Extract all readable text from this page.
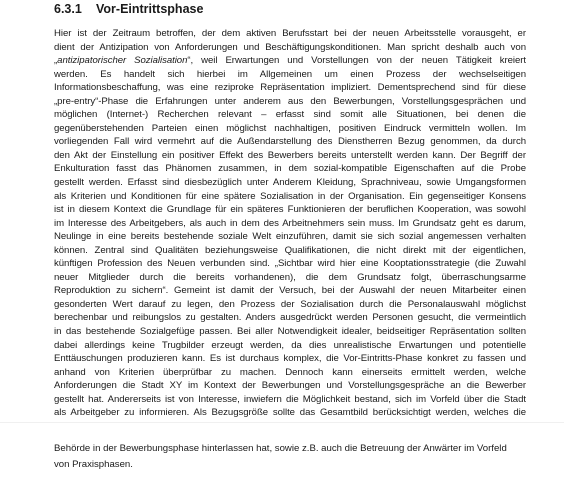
6.3.1 Vor-Eintrittsphase
Hier ist der Zeitraum betroffen, der dem aktiven Berufsstart bei der neuen Arbeitsstelle vorausgeht, er
dient der Antizipation von Anforderungen und Beschäftigungskonditionen. Man spricht deshalb auch von
„antizipatorischer Sozialisation“, weil Erwartungen und Vorstellungen von der neuen Tätigkeit kreiert
werden. Es handelt sich hierbei im Allgemeinen um einen Prozess der wechselseitigen
Informationsbeschaffung, was eine reziproke Repräsentation impliziert. Dementsprechend sind für diese
„pre-entry“-Phase die Erfahrungen unter anderem aus den Bewerbungen, Vorstellungsgesprächen und
möglichen (Internet-) Recherchen relevant – erfasst sind somit alle Situationen, bei denen die
gegenüberstehenden Parteien einen möglichst nachhaltigen, positiven Eindruck vermitteln wollen. Im
vorliegenden Fall wird vermehrt auf die Außendarstellung des Dienstherren Bezug genommen, da durch
den Akt der Einstellung ein positiver Effekt des Bewerbers bereits unterstellt werden kann. Der Begriff der
Enkulturation fasst das Phänomen zusammen, in dem sozial-kompatible Eigenschaften auf die Probe
gestellt werden. Erfasst sind diesbezüglich unter Anderem Kleidung, Sprachniveau, sowie Umgangsformen
als Kriterien und Konditionen für eine spätere Sozialisation in der Organisation. Ein gegenseitiger Konsens
ist in diesem Kontext die Grundlage für ein späteres Funktionieren der beruflichen Kooperation, was sowohl
im Interesse des Arbeitgebers, als auch in dem des Arbeitnehmers sein muss. Im Grundsatz geht es darum,
Neulinge in eine bereits bestehende soziale Welt einzuführen, damit sie sich sozial angemessen verhalten
können. Zentral sind Qualitäten beziehungsweise Qualifikationen, die nicht direkt mit der eigentlichen,
künftigen Profession des Neuen verbunden sind. „Sichtbar wird hier eine Kooptationsstrategie (die Zuwahl
neuer Mitglieder durch die bereits vorhandenen), die dem Grundsatz folgt, überraschungsarme
Reproduktion zu sichern“. Gemeint ist damit der Versuch, bei der Auswahl der neuen Mitarbeiter einen
gesonderten Wert darauf zu legen, den Prozess der Sozialisation durch die Personalauswahl möglichst
berechenbar und reibungslos zu gestalten. Anders ausgedrückt werden Personen gesucht, die vermeintlich
in das bestehende Sozialgefüge passen. Bei aller Notwendigkeit idealer, beidseitiger Repräsentation sollten
dabei allerdings keine Trugbilder erzeugt werden, da dies unrealistische Erwartungen und potentielle
Enttäuschungen produzieren kann. Es ist durchaus komplex, die Vor-Eintritts-Phase konkret zu fassen und
anhand von Kriterien überprüfbar zu machen. Dennoch kann einerseits ermittelt werden, welche
Anforderungen die Stadt XY im Kontext der Bewerbungen und Vorstellungsgespräche an die Bewerber
gestellt hat. Andererseits ist von Interesse, inwiefern die Möglichkeit bestand, sich im Vorfeld über die Stadt
als Arbeitgeber zu informieren. Als Bezugsgröße sollte das Gesamtbild berücksichtigt werden, welches die
Behörde in der Bewerbungsphase hinterlassen hat, sowie z.B. auch die Betreuung der Anwärter im Vorfeld
von Praxisphasen.
